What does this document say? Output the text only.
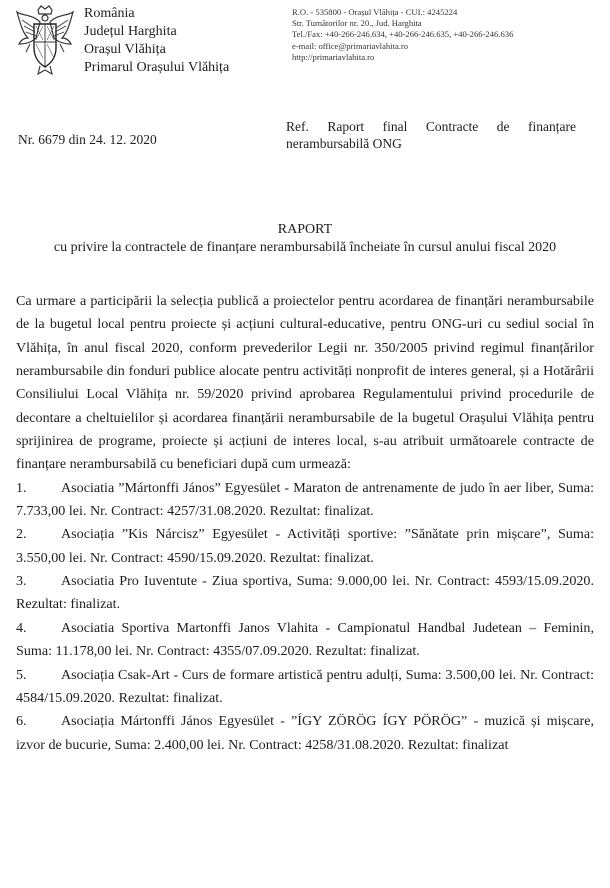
România
Județul Harghita
Orașul Vlăhița
Primarul Orașului Vlăhița
R.O. - 535800 - Orașul Vlăhița - CUI.: 4245224
Str. Turnătorilor nr. 20., Jud. Harghita
Tel./Fax: +40-266-246.634, +40-266-246.635, +40-266-246.636
e-mail: office@primariavlahita.ro
http://primariavlahita.ro
Nr. 6679 din 24. 12. 2020
Ref. Raport final Contracte de finanțare nerambursabilă ONG
RAPORT
cu privire la contractele de finanțare nerambursabilă încheiate în cursul anului fiscal 2020

Ca urmare a participării la selecția publică a proiectelor pentru acordarea de finanțări nerambursabile de la bugetul local pentru proiecte și acțiuni cultural-educative, pentru ONG-uri cu sediul social în Vlăhița, în anul fiscal 2020, conform prevederilor Legii nr. 350/2005 privind regimul finanțărilor nerambursabile din fonduri publice alocate pentru activități nonprofit de interes general, și a Hotărârii Consiliului Local Vlăhița nr. 59/2020 privind aprobarea Regulamentului privind procedurile de decontare a cheltuielilor și acordarea finanțării nerambursabile de la bugetul Orașului Vlăhița pentru sprijinirea de programe, proiecte și acțiuni de interes local, s-au atribuit următoarele contracte de finanțare nerambursabilă cu beneficiari după cum urmează:

1. Asociatia ”Mártonffi János” Egyesület - Maraton de antrenamente de judo în aer liber, Suma: 7.733,00 lei. Nr. Contract: 4257/31.08.2020. Rezultat: finalizat.

2. Asociația ”Kis Nárcisz” Egyesület - Activități sportive: ”Sănătate prin mișcare”, Suma: 3.550,00 lei. Nr. Contract: 4590/15.09.2020. Rezultat: finalizat.

3. Asociatia Pro Iuventute - Ziua sportiva, Suma: 9.000,00 lei. Nr. Contract: 4593/15.09.2020. Rezultat: finalizat.

4. Asociatia Sportiva Martonffi Janos Vlahita - Campionatul Handbal Judetean – Feminin, Suma: 11.178,00 lei. Nr. Contract: 4355/07.09.2020. Rezultat: finalizat.

5. Asociația Csak-Art - Curs de formare artistică pentru adulți, Suma: 3.500,00 lei. Nr. Contract: 4584/15.09.2020. Rezultat: finalizat.

6. Asociația Mártonffi János Egyesület - ”ÍGY ZÖRÖG ÍGY PÖRÖG” - muzică și mișcare, izvor de bucurie, Suma: 2.400,00 lei. Nr. Contract: 4258/31.08.2020. Rezultat: finalizat
